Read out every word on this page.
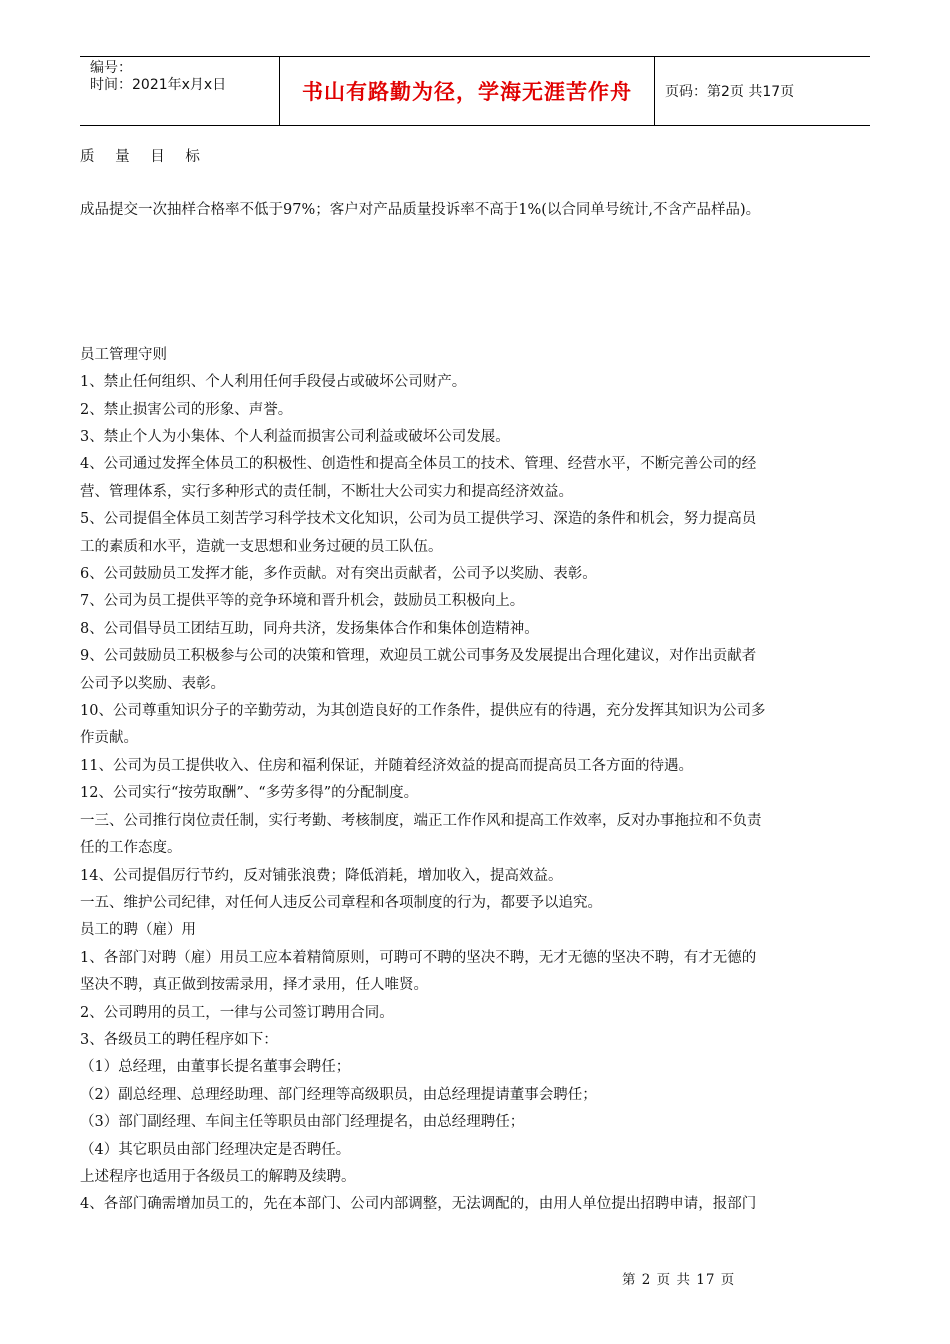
编号：
时间：2021年x月x日	书山有路勤为径，学海无涯苦作舟	页码：第2页 共17页
质 量 目 标
成品提交一次抽样合格率不低于97%；客户对产品质量投诉率不高于1%(以合同单号统计,不含产品样品)。
员工管理守则
1、禁止任何组织、个人利用任何手段侵占或破坏公司财产。
2、禁止损害公司的形象、声誉。
3、禁止个人为小集体、个人利益而损害公司利益或破坏公司发展。
4、公司通过发挥全体员工的积极性、创造性和提高全体员工的技术、管理、经营水平，不断完善公司的经
营、管理体系，实行多种形式的责任制，不断壮大公司实力和提高经济效益。
5、公司提倡全体员工刻苦学习科学技术文化知识，公司为员工提供学习、深造的条件和机会，努力提高员
工的素质和水平，造就一支思想和业务过硬的员工队伍。
6、公司鼓励员工发挥才能，多作贡献。对有突出贡献者，公司予以奖励、表彰。
7、公司为员工提供平等的竞争环境和晋升机会，鼓励员工积极向上。
8、公司倡导员工团结互助，同舟共济，发扬集体合作和集体创造精神。
9、公司鼓励员工积极参与公司的决策和管理，欢迎员工就公司事务及发展提出合理化建议，对作出贡献者
公司予以奖励、表彰。
10、公司尊重知识分子的辛勤劳动，为其创造良好的工作条件，提供应有的待遇，充分发挥其知识为公司多
作贡献。
11、公司为员工提供收入、住房和福利保证，并随着经济效益的提高而提高员工各方面的待遇。
12、公司实行“按劳取酬”、“多劳多得”的分配制度。
一三、公司推行岗位责任制，实行考勤、考核制度，端正工作作风和提高工作效率，反对办事拖拉和不负责
任的工作态度。
14、公司提倡厉行节约，反对铺张浪费；降低消耗，增加收入，提高效益。
一五、维护公司纪律，对任何人违反公司章程和各项制度的行为，都要予以追究。
员工的聘（雇）用
1、各部门对聘（雇）用员工应本着精简原则，可聘可不聘的坚决不聘，无才无德的坚决不聘，有才无德的
坚决不聘，真正做到按需录用，择才录用，任人唯贤。
2、公司聘用的员工，一律与公司签订聘用合同。
3、各级员工的聘任程序如下：
（1）总经理，由董事长提名董事会聘任；
（2）副总经理、总理经助理、部门经理等高级职员，由总经理提请董事会聘任；
（3）部门副经理、车间主任等职员由部门经理提名，由总经理聘任；
（4）其它职员由部门经理决定是否聘任。
上述程序也适用于各级员工的解聘及续聘。
4、各部门确需增加员工的，先在本部门、公司内部调整，无法调配的，由用人单位提出招聘申请，报部门
第 2 页 共 17 页
